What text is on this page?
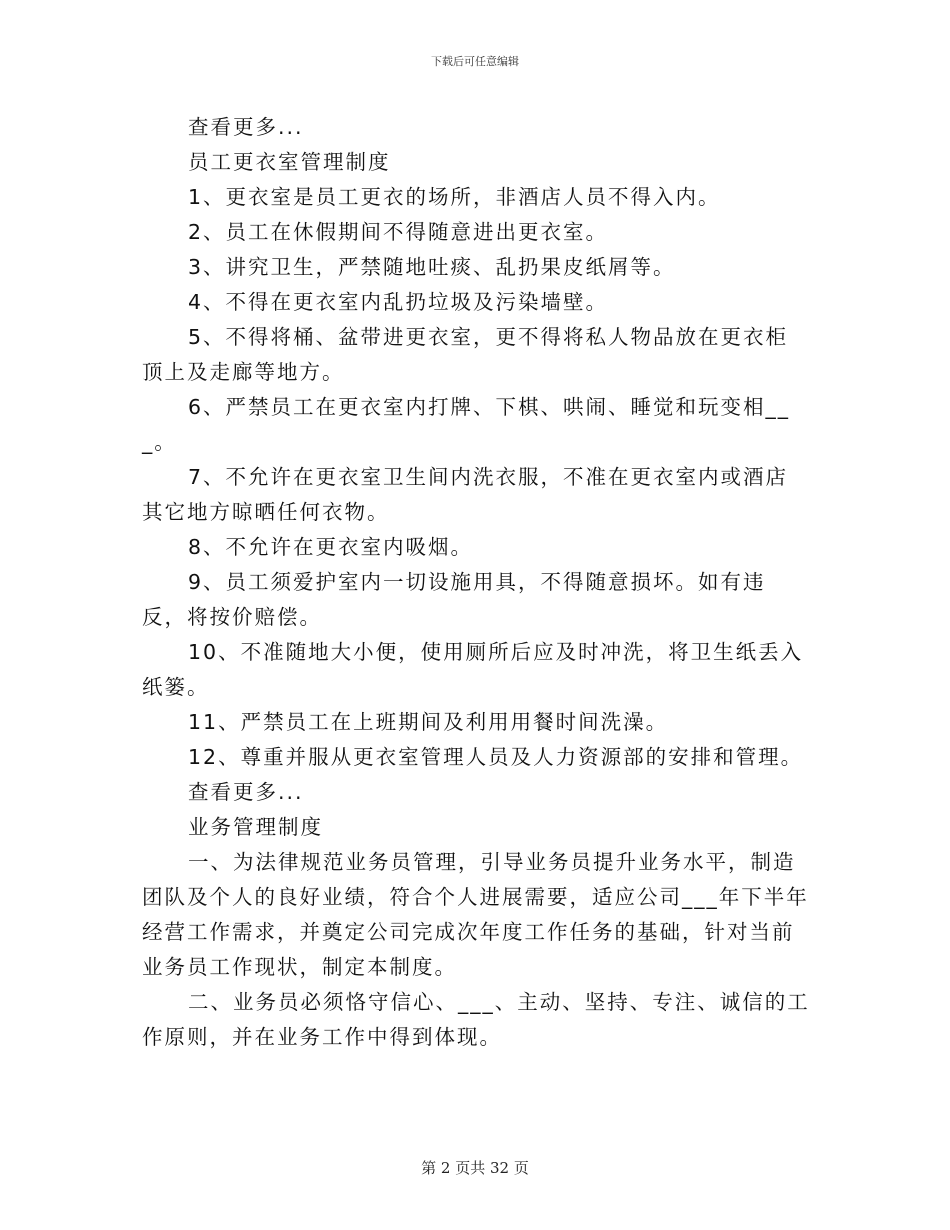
下载后可任意编辑

查看更多...

员工更衣室管理制度

1、更衣室是员工更衣的场所，非酒店人员不得入内。

2、员工在休假期间不得随意进出更衣室。

3、讲究卫生，严禁随地吐痰、乱扔果皮纸屑等。

4、不得在更衣室内乱扔垃圾及污染墙壁。

5、不得将桶、盆带进更衣室，更不得将私人物品放在更衣柜顶上及走廊等地方。

6、严禁员工在更衣室内打牌、下棋、哄闹、睡觉和玩变相___。

7、不允许在更衣室卫生间内洗衣服，不准在更衣室内或酒店其它地方晾晒任何衣物。

8、不允许在更衣室内吸烟。

9、员工须爱护室内一切设施用具，不得随意损坏。如有违反，将按价赔偿。

10、不准随地大小便，使用厕所后应及时冲洗，将卫生纸丢入纸篓。

11、严禁员工在上班期间及利用用餐时间洗澡。

12、尊重并服从更衣室管理人员及人力资源部的安排和管理。

查看更多...

业务管理制度

一、为法律规范业务员管理，引导业务员提升业务水平，制造团队及个人的良好业绩，符合个人进展需要，适应公司___年下半年经营工作需求，并奠定公司完成次年度工作任务的基础，针对当前业务员工作现状，制定本制度。

二、业务员必须恪守信心、___、主动、坚持、专注、诚信的工作原则，并在业务工作中得到体现。

第 2 页共 32 页
